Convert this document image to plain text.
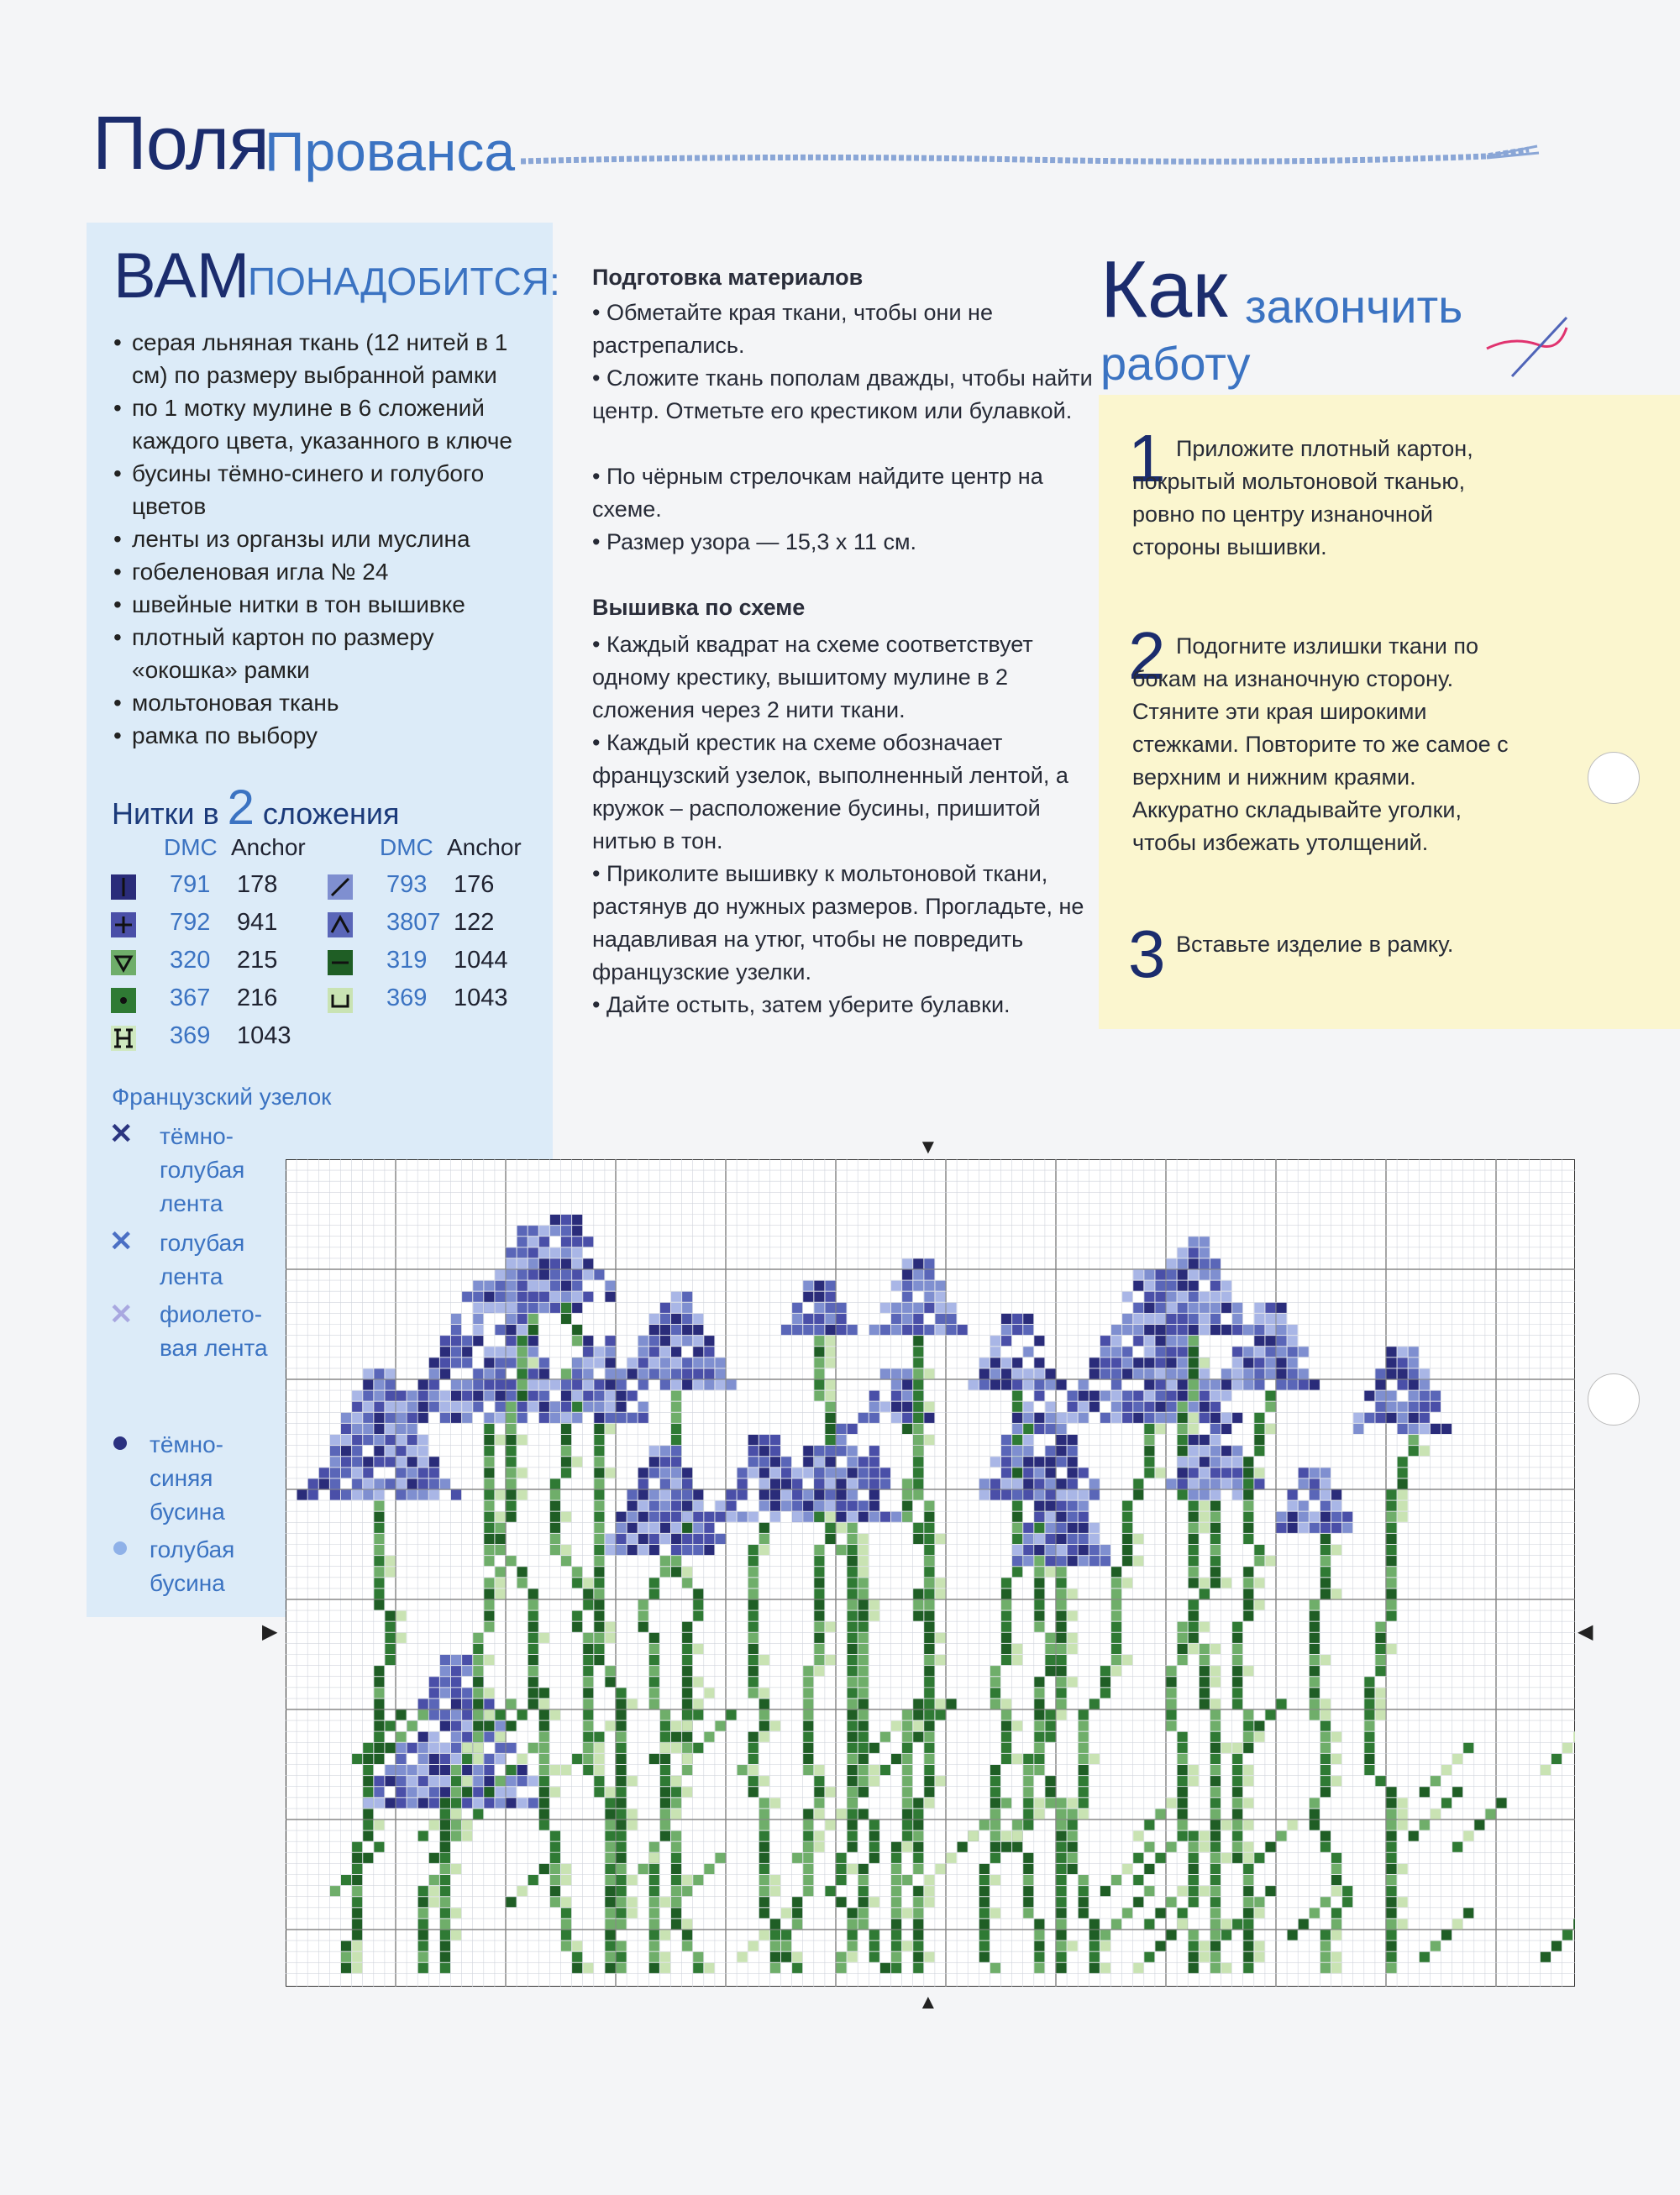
Поля
Прованса
ВАМ
ПОНАДОБИТСЯ:
• серая льняная ткань (12 нитей в 1 см) по размеру выбранной рамки
• по 1 мотку мулине в 6 сложений каждого цвета, указанного в ключе
• бусины тёмно-синего и голубого цветов
• ленты из органзы или муслина
• гобеленовая игла № 24
• швейные нитки в тон вышивке
• плотный картон по размеру «окошка» рамки
• мольтоновая ткань
• рамка по выбору
Нитки в 2 сложения
DMC Anchor	DMC Anchor
791 178
792 941
320 215
367 216
369 1043
793 176
3807 122
319 1044
369 1043
Французский узелок
✕ тёмно-голубая лента
✕ голубая лента
✕ фиолето-вая лента
тёмно-синяя бусина
голубая бусина
Подготовка материалов
• Обметайте края ткани, чтобы они не растрепались.
• Сложите ткань пополам дважды, чтобы найти центр. Отметьте его крестиком или булавкой.
• По чёрным стрелочкам найдите центр на схеме.
• Размер узора — 15,3 х 11 см.
Вышивка по схеме
• Каждый квадрат на схеме соответствует одному крестику, вышитому мулине в 2 сложения через 2 нити ткани.
• Каждый крестик на схеме обозначает французский узелок, выполненный лентой, а кружок – расположение бусины, пришитой нитью в тон.
• Приколите вышивку к мольтоновой ткани, растянув до нужных размеров. Прогладьте, не надавливая на утюг, чтобы не повредить французские узелки.
• Дайте остыть, затем уберите булавки.
Как закончить
работу
1 Приложите плотный картон, покрытый мольтоновой тканью, ровно по центру изнаночной стороны вышивки.
2 Подогните излишки ткани по бокам на изнаночную сторону. Стяните эти края широкими стежками. Повторите то же самое с верхним и нижним краями. Аккуратно складывайте уголки, чтобы избежать утолщений.
3 Вставьте изделие в рамку.
▼
▲
▶	◀
